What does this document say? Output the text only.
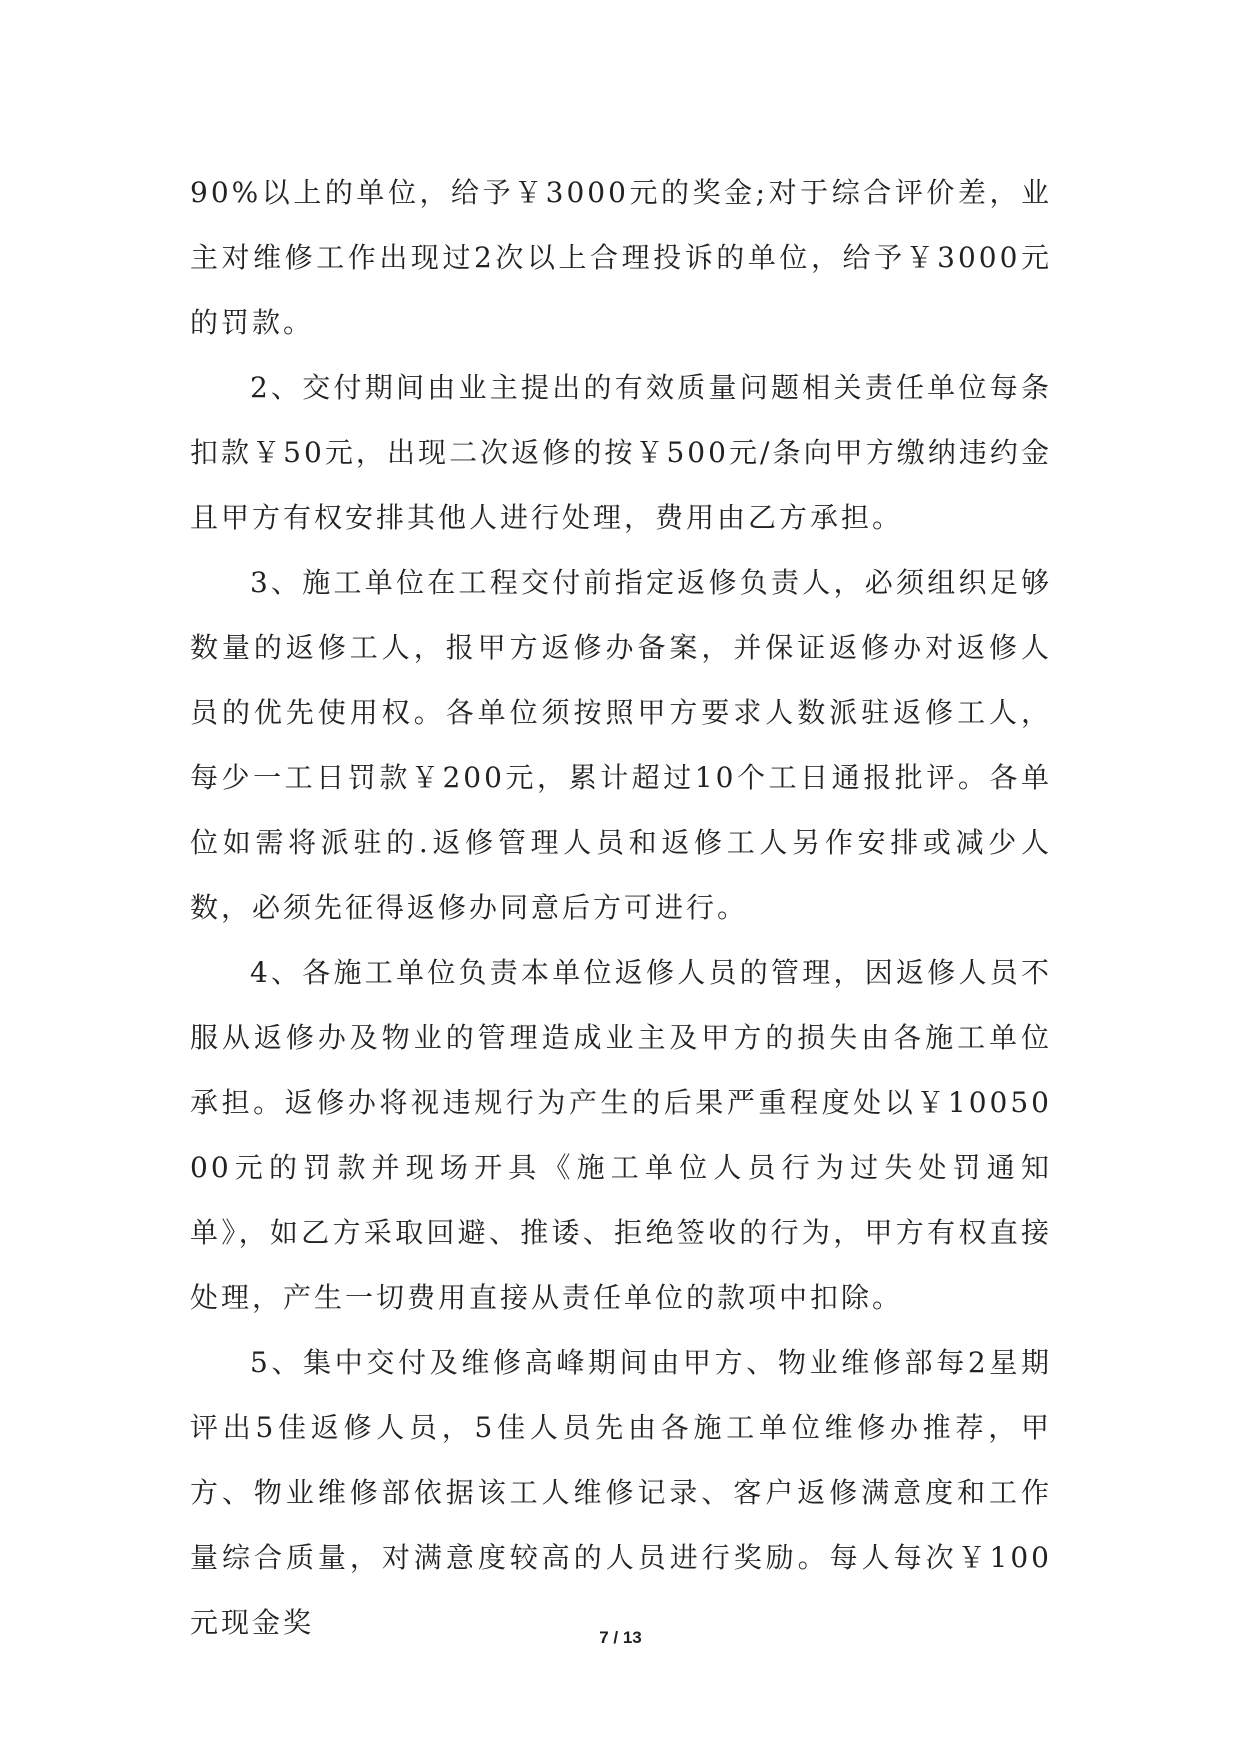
90%以上的单位，给予￥3000元的奖金;对于综合评价差，业主对维修工作出现过2次以上合理投诉的单位，给予￥3000元的罚款。

2、交付期间由业主提出的有效质量问题相关责任单位每条扣款￥50元，出现二次返修的按￥500元/条向甲方缴纳违约金且甲方有权安排其他人进行处理，费用由乙方承担。

3、施工单位在工程交付前指定返修负责人，必须组织足够数量的返修工人，报甲方返修办备案，并保证返修办对返修人员的优先使用权。各单位须按照甲方要求人数派驻返修工人，每少一工日罚款￥200元，累计超过10个工日通报批评。各单位如需将派驻的.返修管理人员和返修工人另作安排或减少人数，必须先征得返修办同意后方可进行。

4、各施工单位负责本单位返修人员的管理，因返修人员不服从返修办及物业的管理造成业主及甲方的损失由各施工单位承担。返修办将视违规行为产生的后果严重程度处以￥1005000元的罚款并现场开具《施工单位人员行为过失处罚通知单》，如乙方采取回避、推诿、拒绝签收的行为，甲方有权直接处理，产生一切费用直接从责任单位的款项中扣除。

5、集中交付及维修高峰期间由甲方、物业维修部每2星期评出5佳返修人员，5佳人员先由各施工单位维修办推荐，甲方、物业维修部依据该工人维修记录、客户返修满意度和工作量综合质量，对满意度较高的人员进行奖励。每人每次￥100元现金奖	7 / 13
